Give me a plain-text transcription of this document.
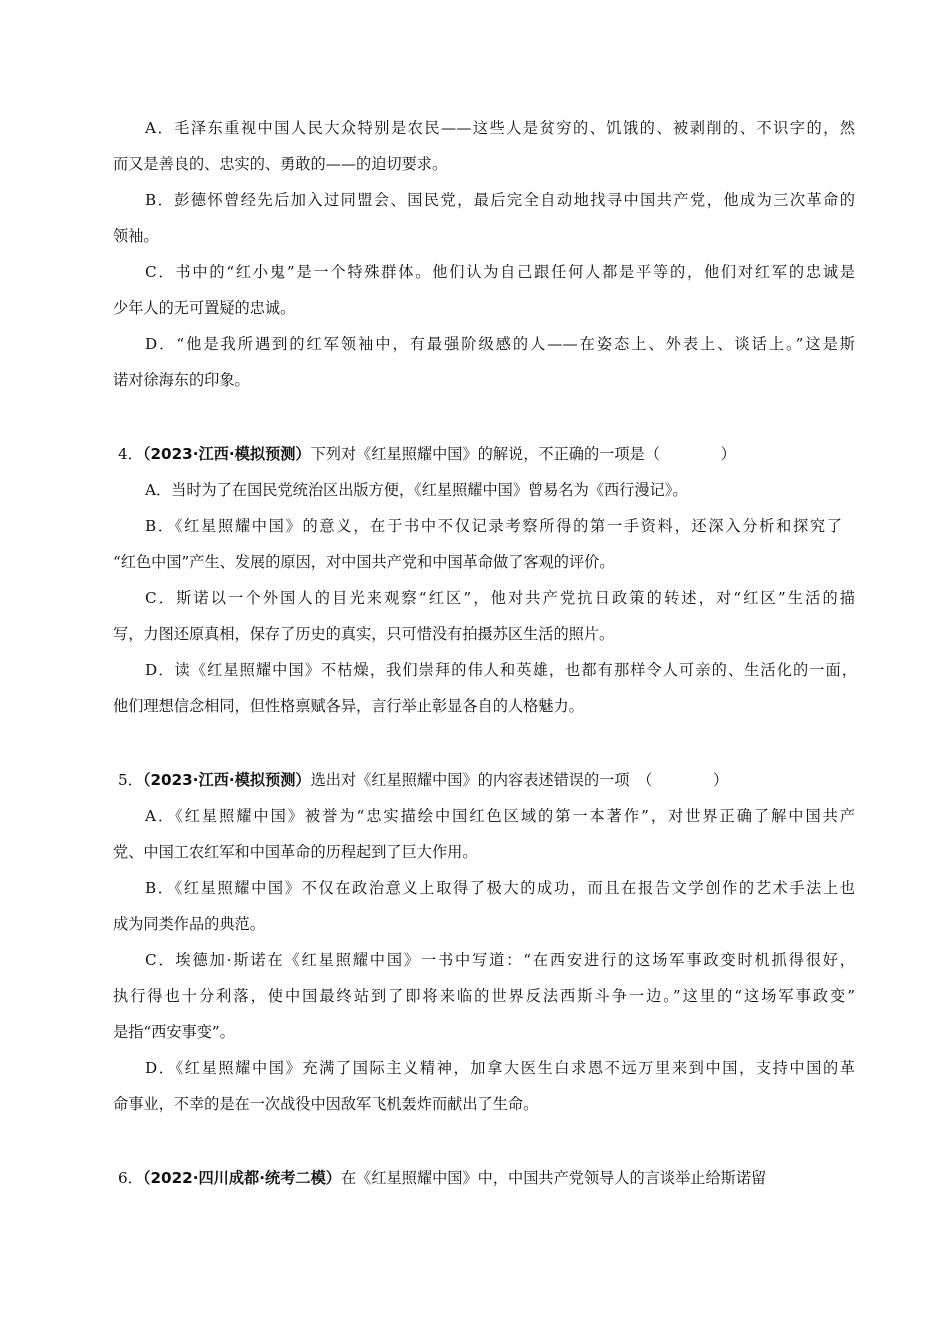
A．毛泽东重视中国人民大众特别是农民——这些人是贫穷的、饥饿的、被剥削的、不识字的，然
而又是善良的、忠实的、勇敢的——的迫切要求。
B．彭德怀曾经先后加入过同盟会、国民党，最后完全自动地找寻中国共产党，他成为三次革命的
领袖。
C．书中的“红小鬼”是一个特殊群体。他们认为自己跟任何人都是平等的，他们对红军的忠诚是
少年人的无可置疑的忠诚。
D．“他是我所遇到的红军领袖中，有最强阶级感的人——在姿态上、外表上、谈话上。”这是斯
诺对徐海东的印象。
4．（2023·江西·模拟预测）下列对《红星照耀中国》的解说，不正确的一项是（　　　　）
A．当时为了在国民党统治区出版方便，《红星照耀中国》曾易名为《西行漫记》。
B．《红星照耀中国》的意义，在于书中不仅记录考察所得的第一手资料，还深入分析和探究了
“红色中国”产生、发展的原因，对中国共产党和中国革命做了客观的评价。
C．斯诺以一个外国人的目光来观察“红区”，他对共产党抗日政策的转述，对“红区”生活的描
写，力图还原真相，保存了历史的真实，只可惜没有拍摄苏区生活的照片。
D．读《红星照耀中国》不枯燥，我们崇拜的伟人和英雄，也都有那样令人可亲的、生活化的一面，
他们理想信念相同，但性格禀赋各异，言行举止彰显各自的人格魅力。
5．（2023·江西·模拟预测）选出对《红星照耀中国》的内容表述错误的一项　（　　　　）
A．《红星照耀中国》被誉为“忠实描绘中国红色区域的第一本著作”，对世界正确了解中国共产
党、中国工农红军和中国革命的历程起到了巨大作用。
B．《红星照耀中国》不仅在政治意义上取得了极大的成功，而且在报告文学创作的艺术手法上也
成为同类作品的典范。
C．埃德加·斯诺在《红星照耀中国》一书中写道：“在西安进行的这场军事政变时机抓得很好，
执行得也十分利落，使中国最终站到了即将来临的世界反法西斯斗争一边。”这里的“这场军事政变”
是指“西安事变”。
D．《红星照耀中国》充满了国际主义精神，加拿大医生白求恩不远万里来到中国，支持中国的革
命事业，不幸的是在一次战役中因敌军飞机轰炸而献出了生命。
6．（2022·四川成都·统考二模）在《红星照耀中国》中，中国共产党领导人的言谈举止给斯诺留
